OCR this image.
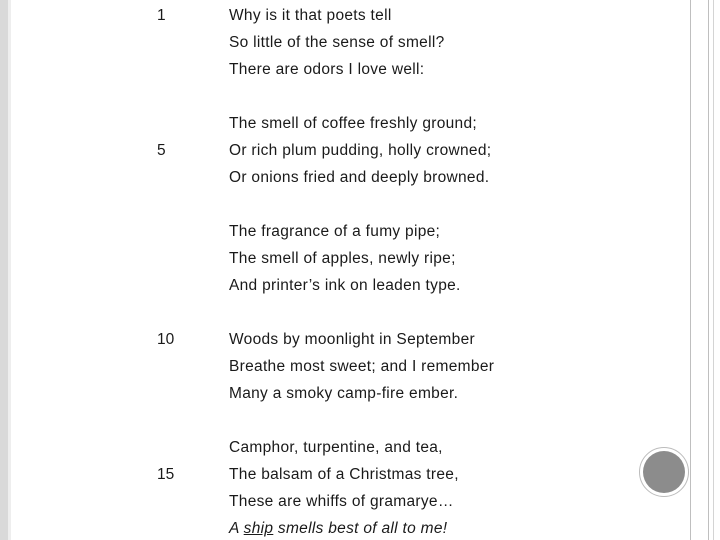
1
5
10
15
Why is it that poets tell
So little of the sense of smell?
There are odors I love well:
The smell of coffee freshly ground;
Or rich plum pudding, holly crowned;
Or onions fried and deeply browned.
The fragrance of a fumy pipe;
The smell of apples, newly ripe;
And printer’s ink on leaden type.
Woods by moonlight in September
Breathe most sweet; and I remember
Many a smoky camp-fire ember.
Camphor, turpentine, and tea,
The balsam of a Christmas tree,
These are whiffs of gramarye…
A ship smells best of all to me!
